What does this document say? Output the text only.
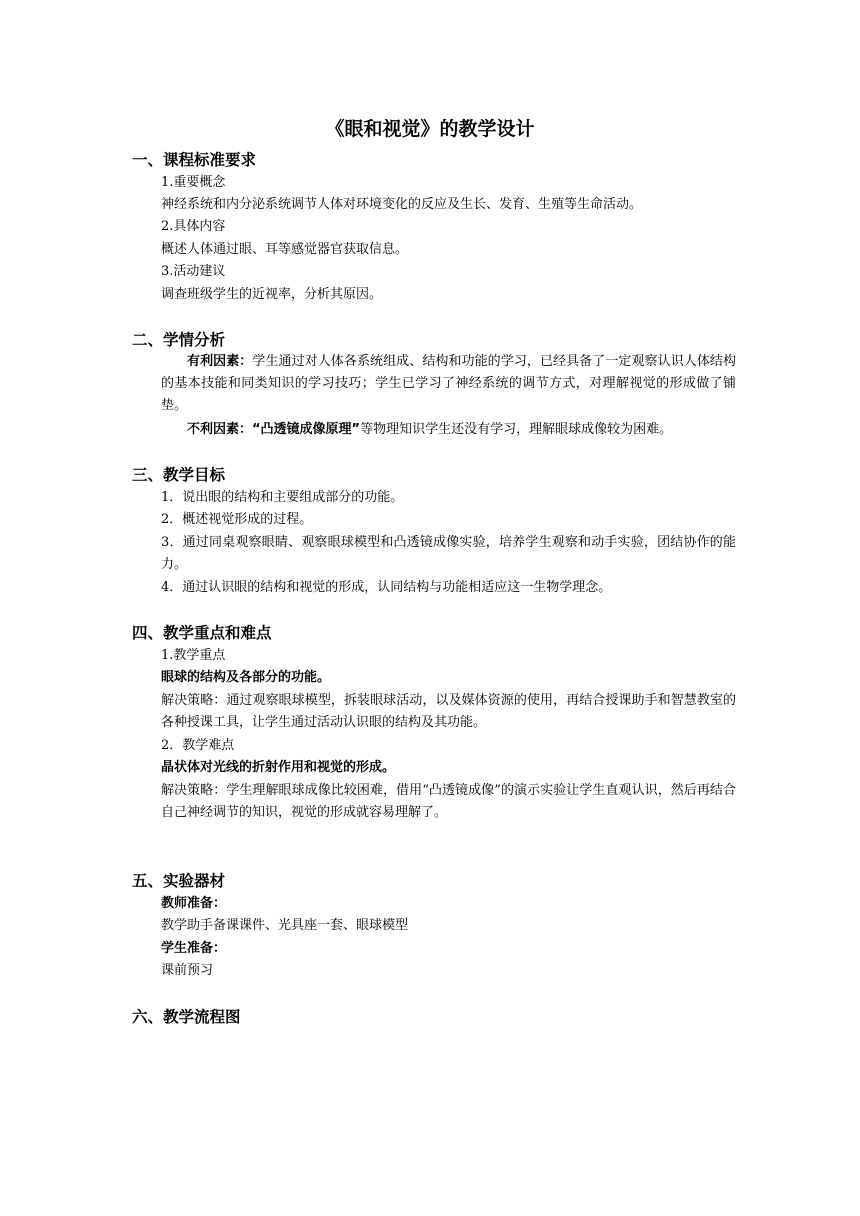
《眼和视觉》的教学设计
一、课程标准要求
1.重要概念
神经系统和内分泌系统调节人体对环境变化的反应及生长、发育、生殖等生命活动。
2.具体内容
概述人体通过眼、耳等感觉器官获取信息。
3.活动建议
调查班级学生的近视率，分析其原因。
二、学情分析
有利因素：学生通过对人体各系统组成、结构和功能的学习，已经具备了一定观察认识人体结构的基本技能和同类知识的学习技巧；学生已学习了神经系统的调节方式，对理解视觉的形成做了铺垫。
不利因素：“凸透镜成像原理”等物理知识学生还没有学习，理解眼球成像较为困难。
三、教学目标
1．说出眼的结构和主要组成部分的功能。
2．概述视觉形成的过程。
3．通过同桌观察眼睛、观察眼球模型和凸透镜成像实验，培养学生观察和动手实验，团结协作的能力。
4．通过认识眼的结构和视觉的形成，认同结构与功能相适应这一生物学理念。
四、教学重点和难点
1.教学重点
眼球的结构及各部分的功能。
解决策略：通过观察眼球模型，拆装眼球活动，以及媒体资源的使用，再结合授课助手和智慧教室的各种授课工具，让学生通过活动认识眼的结构及其功能。
2．教学难点
晶状体对光线的折射作用和视觉的形成。
解决策略：学生理解眼球成像比较困难，借用“凸透镜成像”的演示实验让学生直观认识，然后再结合自己神经调节的知识，视觉的形成就容易理解了。
五、实验器材
教师准备：
教学助手备课课件、光具座一套、眼球模型
学生准备：
课前预习
六、教学流程图
